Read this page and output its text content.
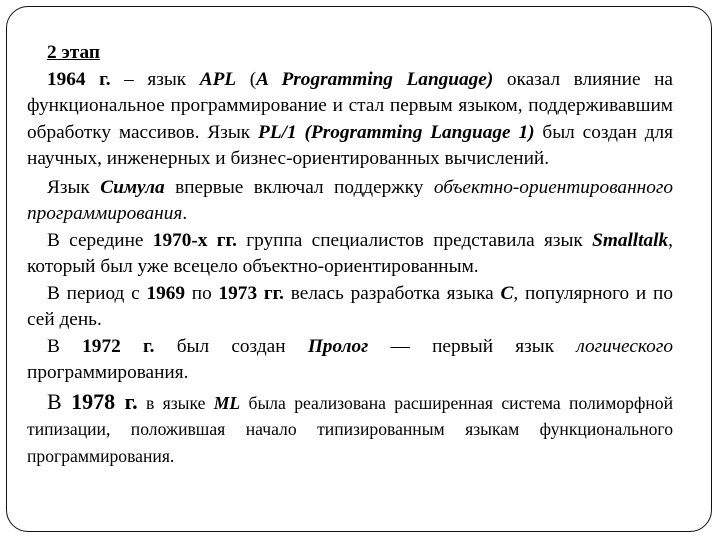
2 этап
1964 г. – язык APL (A Programming Language) оказал влияние на функциональное программирование и стал первым языком, поддерживавшим обработку массивов. Язык PL/1 (Programming Language 1) был создан для научных, инженерных и бизнес-ориентированных вычислений.
Язык Симула впервые включал поддержку объектно-ориентированного программирования.
В середине 1970-х гг. группа специалистов представила язык Smalltalk, который был уже всецело объектно-ориентированным.
В период с 1969 по 1973 гг. велась разработка языка С, популярного и по сей день.
В 1972 г. был создан Пролог — первый язык логического программирования.
В 1978 г. в языке ML была реализована расширенная система полиморфной типизации, положившая начало типизированным языкам функционального программирования.
